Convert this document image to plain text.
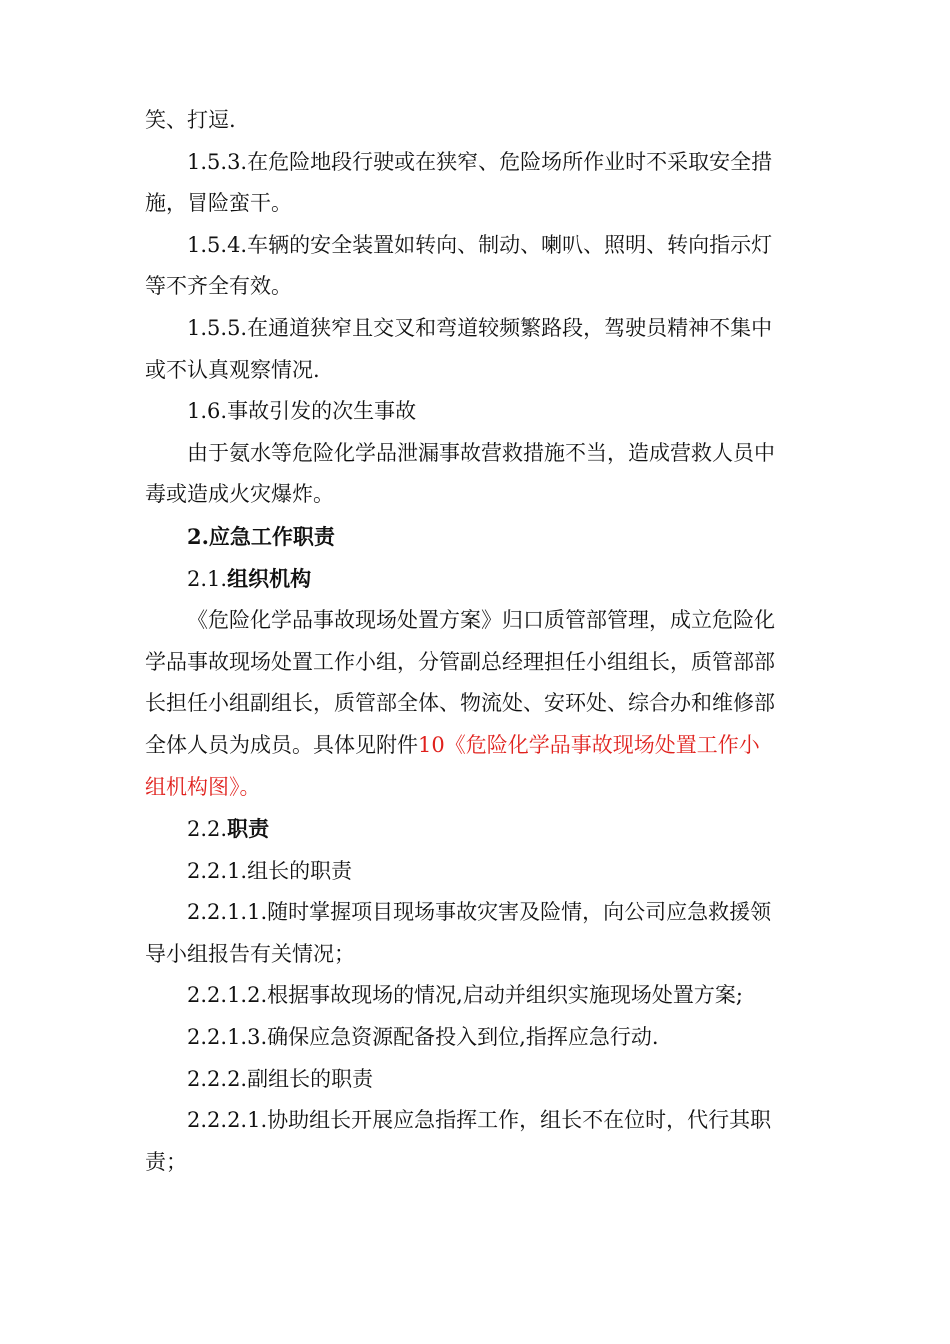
笑、打逗.

1.5.3.在危险地段行驶或在狭窄、危险场所作业时不采取安全措

施，冒险蛮干。

1.5.4.车辆的安全装置如转向、制动、喇叭、照明、转向指示灯

等不齐全有效。

1.5.5.在通道狭窄且交叉和弯道较频繁路段，驾驶员精神不集中

或不认真观察情况.

1.6.事故引发的次生事故

由于氨水等危险化学品泄漏事故营救措施不当，造成营救人员中

毒或造成火灾爆炸。

2.应急工作职责

2.1.组织机构

《危险化学品事故现场处置方案》归口质管部管理，成立危险化

学品事故现场处置工作小组，分管副总经理担任小组组长，质管部部

长担任小组副组长，质管部全体、物流处、安环处、综合办和维修部

全体人员为成员。具体见附件10《危险化学品事故现场处置工作小

组机构图》。

2.2.职责

2.2.1.组长的职责

2.2.1.1.随时掌握项目现场事故灾害及险情，向公司应急救援领

导小组报告有关情况；

2.2.1.2.根据事故现场的情况,启动并组织实施现场处置方案;

2.2.1.3.确保应急资源配备投入到位,指挥应急行动.

2.2.2.副组长的职责

2.2.2.1.协助组长开展应急指挥工作，组长不在位时，代行其职

责；
